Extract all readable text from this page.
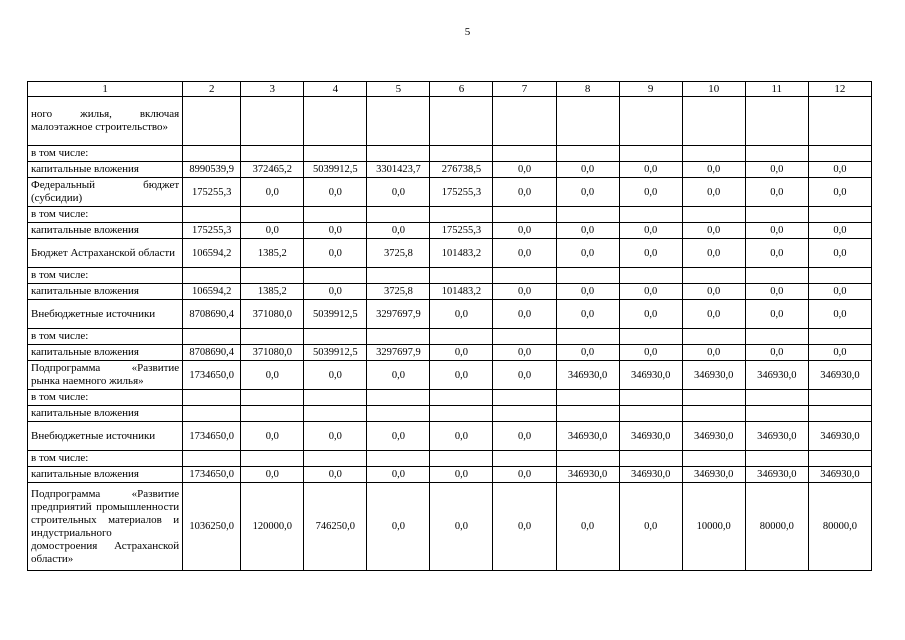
5
1	2	3	4	5	6	7	8	9	10	11	12
ного жилья, включая малоэтажное строительство»											
в том числе:											
капитальные вложения	8990539,9	372465,2	5039912,5	3301423,7	276738,5	0,0	0,0	0,0	0,0	0,0	0,0
Федеральный бюджет (субсидии)	175255,3	0,0	0,0	0,0	175255,3	0,0	0,0	0,0	0,0	0,0	0,0
в том числе:											
капитальные вложения	175255,3	0,0	0,0	0,0	175255,3	0,0	0,0	0,0	0,0	0,0	0,0
Бюджет Астраханской области	106594,2	1385,2	0,0	3725,8	101483,2	0,0	0,0	0,0	0,0	0,0	0,0
в том числе:											
капитальные вложения	106594,2	1385,2	0,0	3725,8	101483,2	0,0	0,0	0,0	0,0	0,0	0,0
Внебюджетные источники	8708690,4	371080,0	5039912,5	3297697,9	0,0	0,0	0,0	0,0	0,0	0,0	0,0
в том числе:											
капитальные вложения	8708690,4	371080,0	5039912,5	3297697,9	0,0	0,0	0,0	0,0	0,0	0,0	0,0
Подпрограмма «Развитие рынка наемного жилья»	1734650,0	0,0	0,0	0,0	0,0	0,0	346930,0	346930,0	346930,0	346930,0	346930,0
в том числе:											
капитальные вложения											
Внебюджетные источники	1734650,0	0,0	0,0	0,0	0,0	0,0	346930,0	346930,0	346930,0	346930,0	346930,0
в том числе:											
капитальные вложения	1734650,0	0,0	0,0	0,0	0,0	0,0	346930,0	346930,0	346930,0	346930,0	346930,0
Подпрограмма «Развитие предприятий промышленности строительных материалов и индустриального домостроения Астраханской области»	1036250,0	120000,0	746250,0	0,0	0,0	0,0	0,0	0,0	10000,0	80000,0	80000,0
